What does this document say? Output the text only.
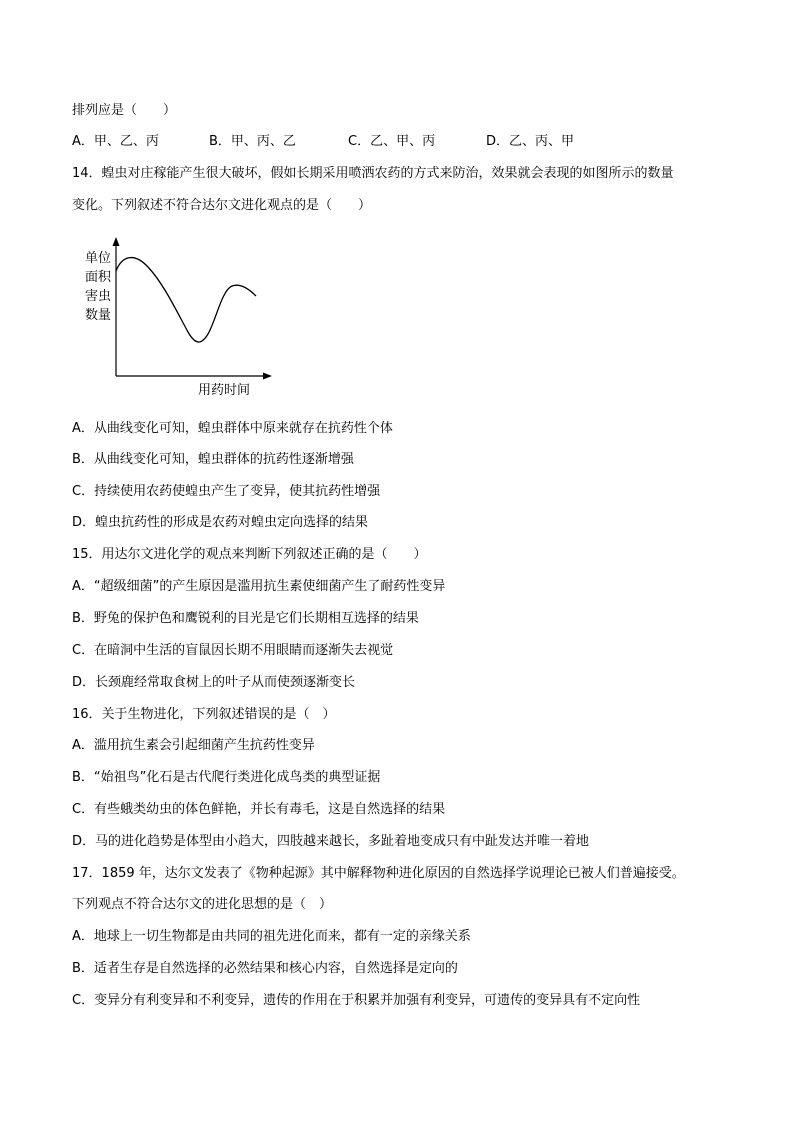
排列应是（　　）
A．甲、乙、丙	B．甲、丙、乙	C．乙、甲、丙	D．乙、丙、甲
14．蝗虫对庄稼能产生很大破坏，假如长期采用喷洒农药的方式来防治，效果就会表现的如图所示的数量
变化。下列叙述不符合达尔文进化观点的是（　　）
单位
面积
害虫
数量
用药时间
A．从曲线变化可知，蝗虫群体中原来就存在抗药性个体
B．从曲线变化可知，蝗虫群体的抗药性逐渐增强
C．持续使用农药使蝗虫产生了变异，使其抗药性增强
D．蝗虫抗药性的形成是农药对蝗虫定向选择的结果
15．用达尔文进化学的观点来判断下列叙述正确的是（　　）
A．“超级细菌”的产生原因是滥用抗生素使细菌产生了耐药性变异
B．野兔的保护色和鹰锐利的目光是它们长期相互选择的结果
C．在暗洞中生活的盲鼠因长期不用眼睛而逐渐失去视觉
D．长颈鹿经常取食树上的叶子从而使颈逐渐变长
16．关于生物进化，下列叙述错误的是（　）
A．滥用抗生素会引起细菌产生抗药性变异
B．“始祖鸟”化石是古代爬行类进化成鸟类的典型证据
C．有些蛾类幼虫的体色鲜艳，并长有毒毛，这是自然选择的结果
D．马的进化趋势是体型由小趋大，四肢越来越长，多趾着地变成只有中趾发达并唯一着地
17．1859 年，达尔文发表了《物种起源》其中解释物种进化原因的自然选择学说理论已被人们普遍接受。
下列观点不符合达尔文的进化思想的是（　）
A．地球上一切生物都是由共同的祖先进化而来，都有一定的亲缘关系
B．适者生存是自然选择的必然结果和核心内容，自然选择是定向的
C．变异分有利变异和不利变异，遗传的作用在于积累并加强有利变异，可遗传的变异具有不定向性
